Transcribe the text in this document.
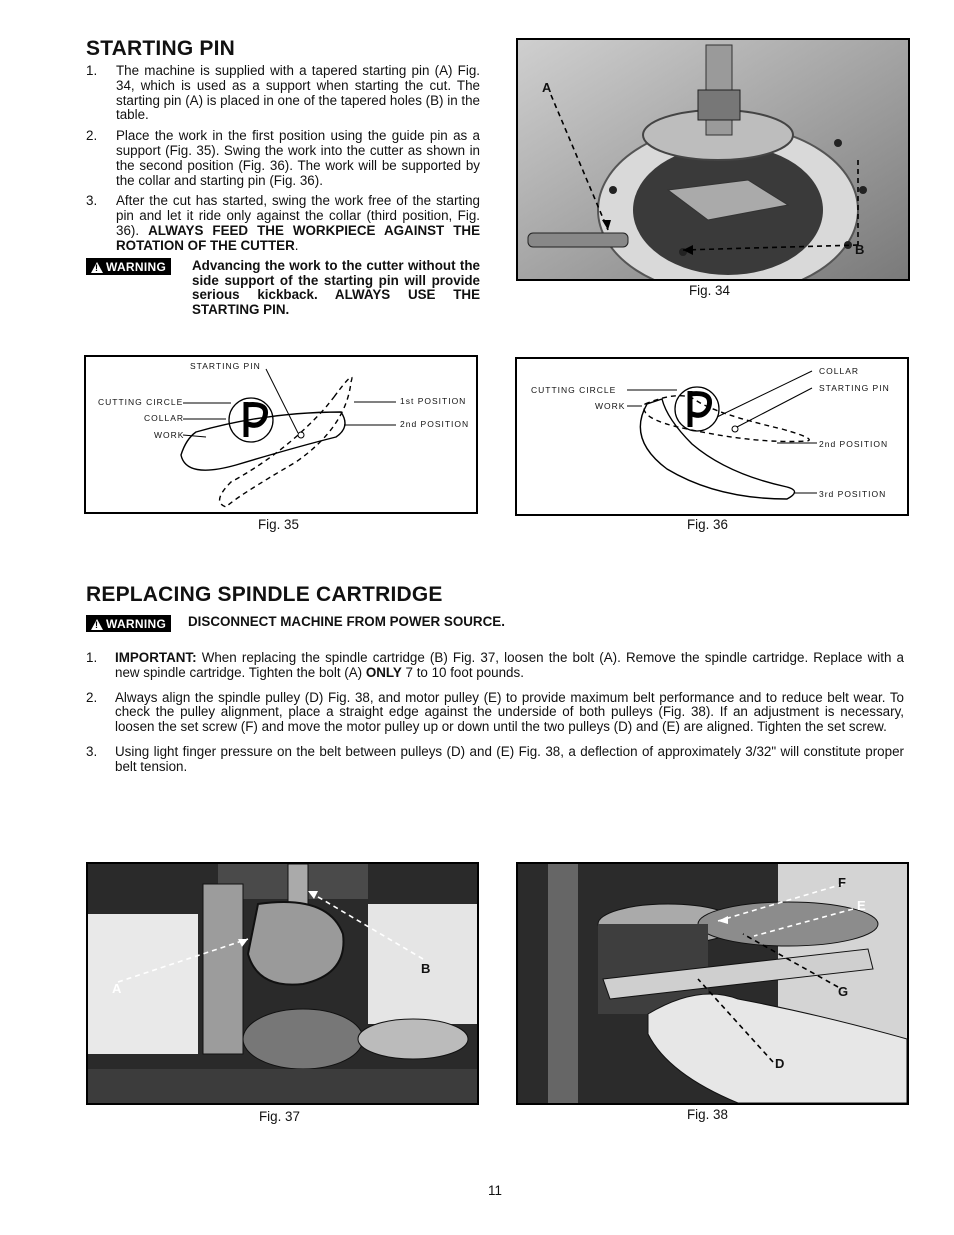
STARTING PIN
1. The machine is supplied with a tapered starting pin (A) Fig. 34, which is used as a support when starting the cut. The starting pin (A) is placed in one of the tapered holes (B) in the table.
2. Place the work in the first position using the guide pin as a support (Fig. 35). Swing the work into the cutter as shown in the second position (Fig. 36). The work will be supported by the collar and starting pin (Fig. 36).
3. After the cut has started, swing the work free of the starting pin and let it ride only against the collar (third position, Fig. 36). ALWAYS FEED THE WORKPIECE AGAINST THE ROTATION OF THE CUTTER.
! WARNING Advancing the work to the cutter without the side support of the starting pin will provide serious kickback. ALWAYS USE THE STARTING PIN.
A
B
Fig. 34
STARTING PIN
CUTTING CIRCLE
COLLAR
WORK
1st POSITION
2nd POSITION
Fig. 35
COLLAR
STARTING PIN
CUTTING CIRCLE
WORK
2nd POSITION
3rd POSITION
Fig. 36
REPLACING SPINDLE CARTRIDGE
! WARNING DISCONNECT MACHINE FROM POWER SOURCE.
1. IMPORTANT: When replacing the spindle cartridge (B) Fig. 37, loosen the bolt (A). Remove the spindle cartridge. Replace with a new spindle cartridge. Tighten the bolt (A) ONLY 7 to 10 foot pounds.
2. Always align the spindle pulley (D) Fig. 38, and motor pulley (E) to provide maximum belt performance and to reduce belt wear. To check the pulley alignment, place a straight edge against the underside of both pulleys (Fig. 38). If an adjustment is necessary, loosen the set screw (F) and move the motor pulley up or down until the two pulleys (D) and (E) are aligned. Tighten the set screw.
3. Using light finger pressure on the belt between pulleys (D) and (E) Fig. 38, a deflection of approximately 3/32" will constitute proper belt tension.
A
B
Fig. 37
F
E
G
D
Fig. 38
11
